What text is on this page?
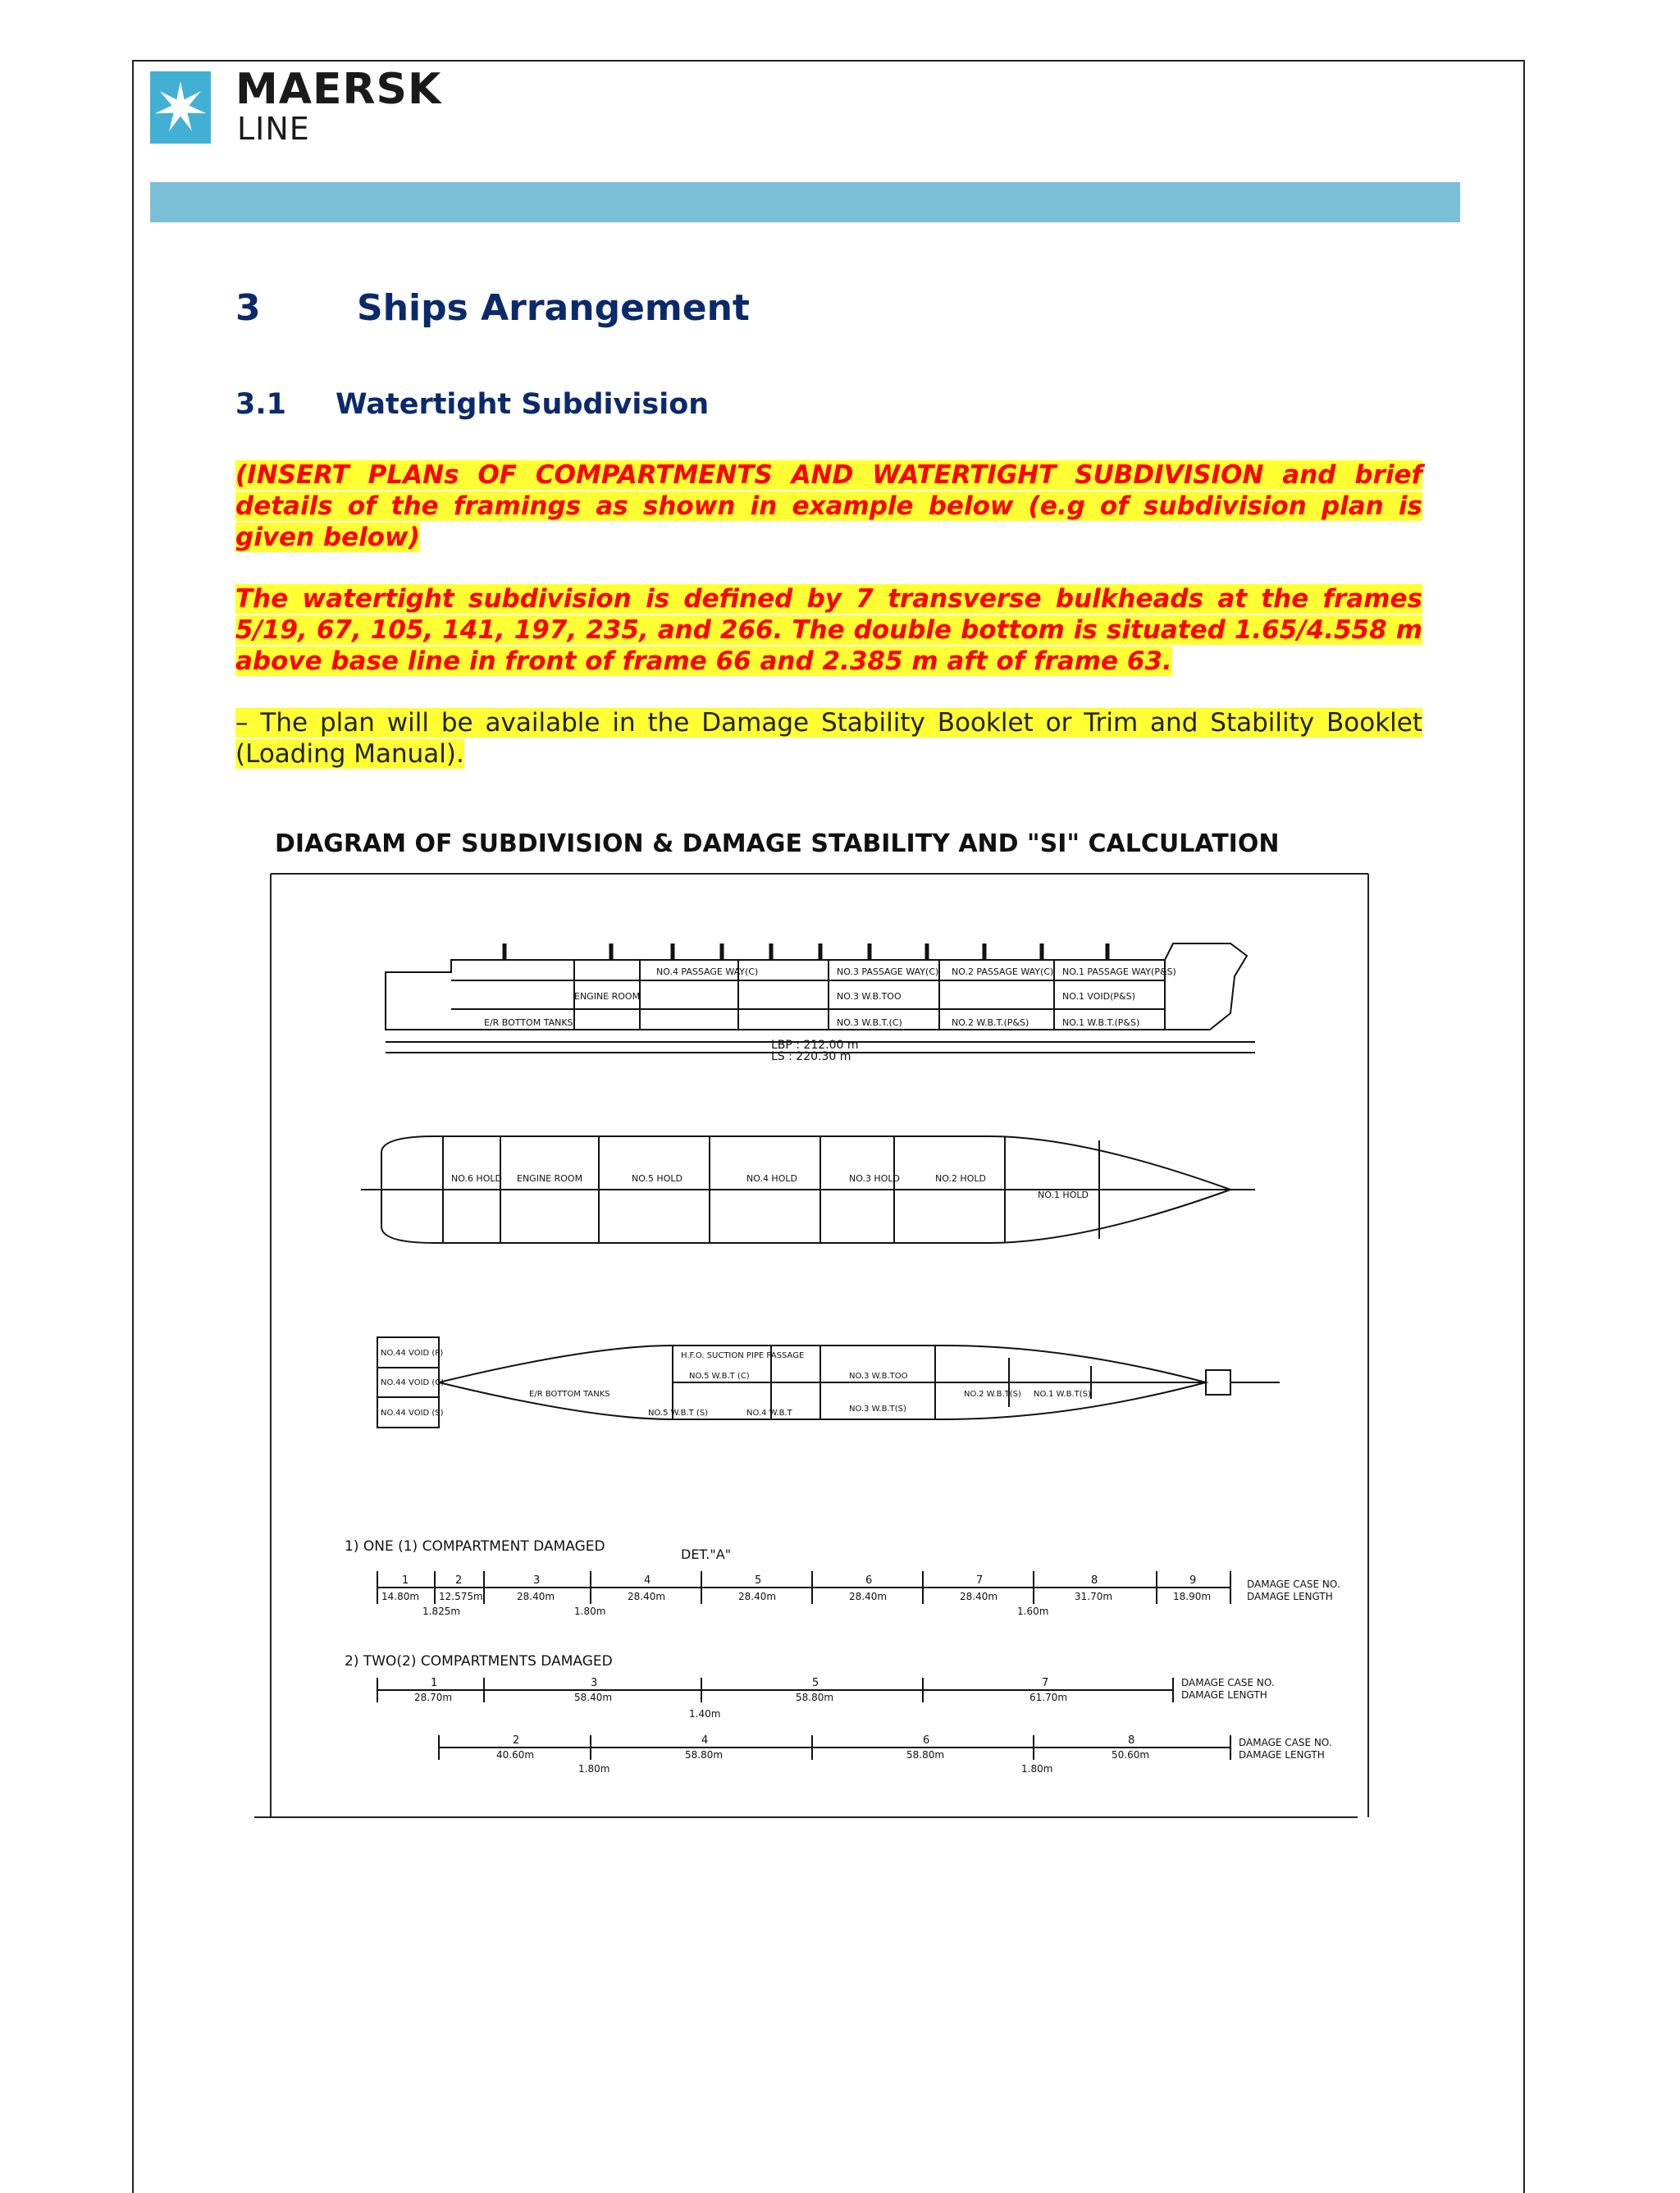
MAERSK
LINE
3	Ships Arrangement
3.1 Watertight Subdivision
(INSERT PLANs OF COMPARTMENTS AND WATERTIGHT SUBDIVISION and brief details of the framings as shown in example below (e.g of subdivision plan is given below)
The watertight subdivision is defined by 7 transverse bulkheads at the frames 5/19, 67, 105, 141, 197, 235, and 266. The double bottom is situated 1.65/4.558 m above base line in front of frame 66 and 2.385 m aft of frame 63.
– The plan will be available in the Damage Stability Booklet or Trim and Stability Booklet (Loading Manual).
DIAGRAM OF SUBDIVISION & DAMAGE STABILITY AND "SI" CALCULATION
NO.4 PASSAGE WAY(C)	NO.3 PASSAGE WAY(C) NO.2 PASSAGE WAY(C) NO.1 PASSAGE WAY(P&S)
NO.3 W.B.TOO	NO.1 VOID(P&S)
NO.3 W.B.T.(C)	NO.2 W.B.T.(P&S)	NO.1 W.B.T.(P&S)
E/R BOTTOM TANKS
ENGINE ROOM
LBP : 212.00 m
LS : 220.30 m
NO.6 HOLD ENGINE ROOM	NO.5 HOLD	NO.4 HOLD	NO.3 HOLD	NO.2 HOLD
NO.1 HOLD
NO.44 VOID (P)
NO.44 VOID (C)
NO.44 VOID (S)
H.F.O. SUCTION PIPE PASSAGE
E/R BOTTOM TANKS
NO.5 W.B.T (C)
NO.5 W.B.T (S)	NO.4 W.B.T
NO.3 W.B.TOO
NO.3 W.B.T(S)
NO.2 W.B.T(S) NO.1 W.B.T(S)
1) ONE (1) COMPARTMENT DAMAGED	DET."A"
1	2	3	4	5	6	7	8	9
14.80m 12.575m	28.40m	28.40m	28.40m	28.40m	28.40m	31.70m	18.90m
1.825m	1.80m	1.60m
DAMAGE CASE NO.
DAMAGE LENGTH
2) TWO(2) COMPARTMENTS DAMAGED
1	3	5	7
2	4	6	8
28.70m	58.40m	58.80m	61.70m
40.60m	58.80m	58.80m	50.60m
1.40m
1.80m	1.80m
DAMAGE CASE NO.
DAMAGE LENGTH
DAMAGE CASE NO.
DAMAGE LENGTH
